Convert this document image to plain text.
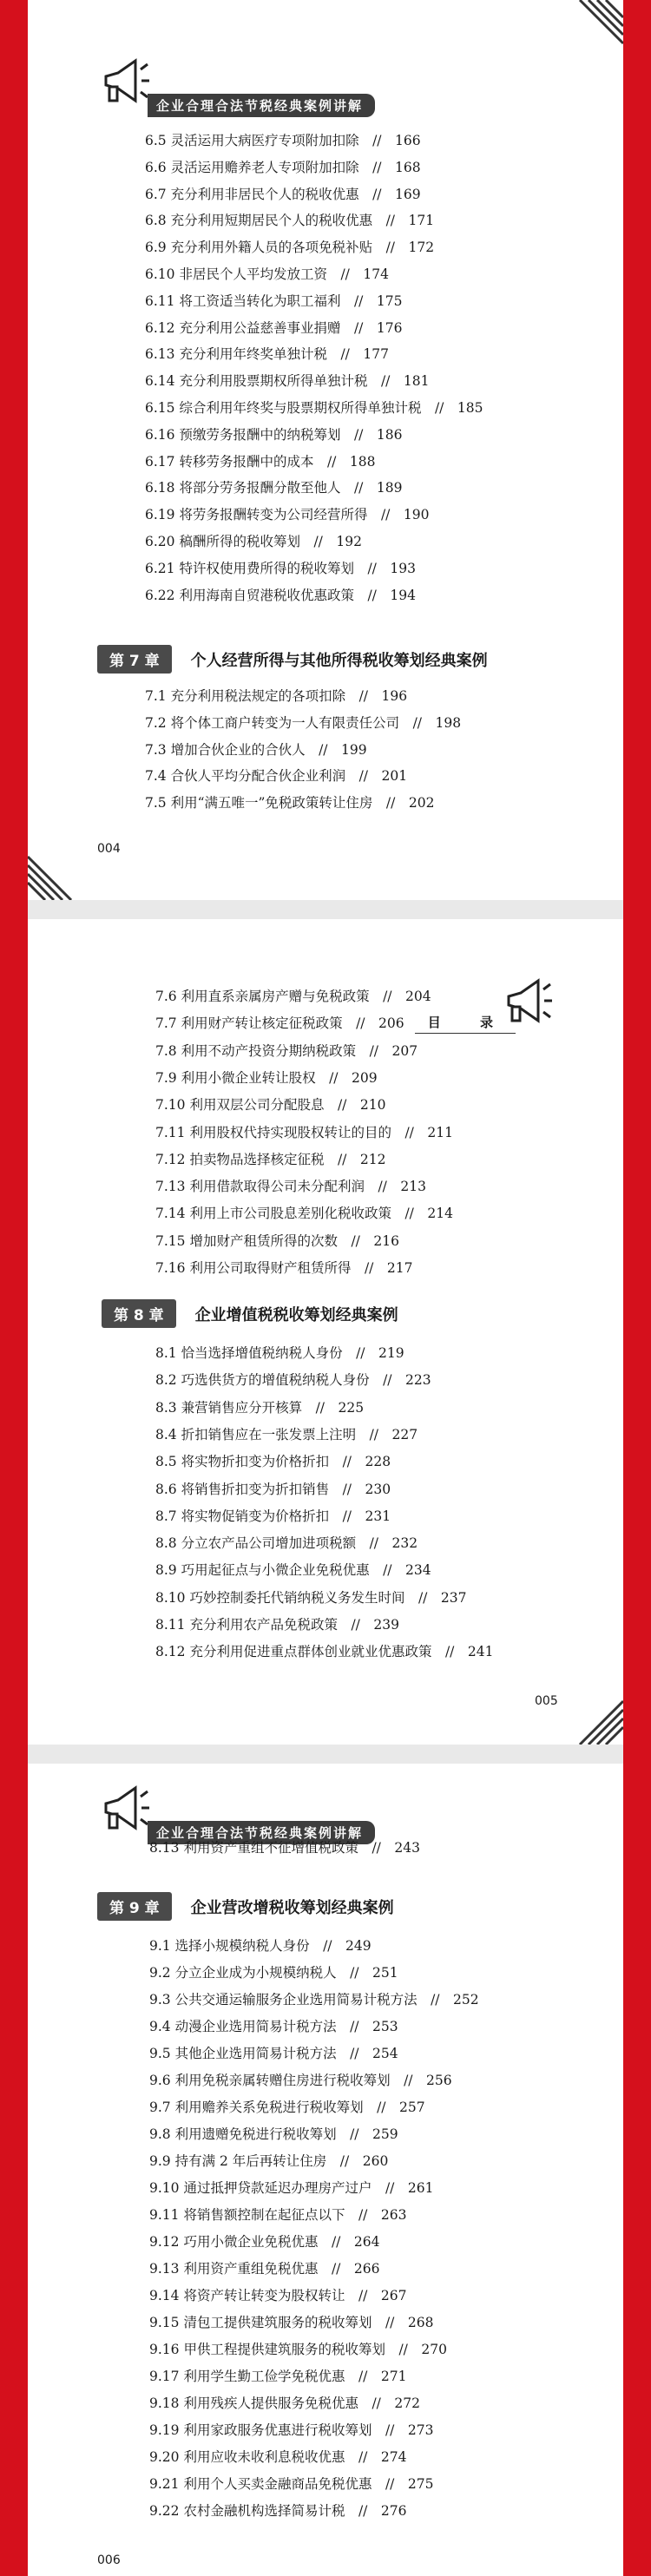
企业合理合法节税经典案例讲解
004
6.5 灵活运用大病医疗专项附加扣除　//　166
6.6 灵活运用赡养老人专项附加扣除　//　168
6.7 充分利用非居民个人的税收优惠　//　169
6.8 充分利用短期居民个人的税收优惠　//　171
6.9 充分利用外籍人员的各项免税补贴　//　172
6.10 非居民个人平均发放工资　//　174
6.11 将工资适当转化为职工福利　//　175
6.12 充分利用公益慈善事业捐赠　//　176
6.13 充分利用年终奖单独计税　//　177
6.14 充分利用股票期权所得单独计税　//　181
6.15 综合利用年终奖与股票期权所得单独计税　//　185
6.16 预缴劳务报酬中的纳税筹划　//　186
6.17 转移劳务报酬中的成本　//　188
6.18 将部分劳务报酬分散至他人　//　189
6.19 将劳务报酬转变为公司经营所得　//　190
6.20 稿酬所得的税收筹划　//　192
6.21 特许权使用费所得的税收筹划　//　193
6.22 利用海南自贸港税收优惠政策　//　194
第 7 章 个人经营所得与其他所得税收筹划经典案例
7.1 充分利用税法规定的各项扣除　//　196
7.2 将个体工商户转变为一人有限责任公司　//　198
7.3 增加合伙企业的合伙人　//　199
7.4 合伙人平均分配合伙企业利润　//　201
7.5 利用“满五唯一”免税政策转让住房　//　202
目 录
005
7.6 利用直系亲属房产赠与免税政策　//　204
7.7 利用财产转让核定征税政策　//　206
7.8 利用不动产投资分期纳税政策　//　207
7.9 利用小微企业转让股权　//　209
7.10 利用双层公司分配股息　//　210
7.11 利用股权代持实现股权转让的目的　//　211
7.12 拍卖物品选择核定征税　//　212
7.13 利用借款取得公司未分配利润　//　213
7.14 利用上市公司股息差别化税收政策　//　214
7.15 增加财产租赁所得的次数　//　216
7.16 利用公司取得财产租赁所得　//　217
第 8 章 企业增值税税收筹划经典案例
8.1 恰当选择增值税纳税人身份　//　219
8.2 巧选供货方的增值税纳税人身份　//　223
8.3 兼营销售应分开核算　//　225
8.4 折扣销售应在一张发票上注明　//　227
8.5 将实物折扣变为价格折扣　//　228
8.6 将销售折扣变为折扣销售　//　230
8.7 将实物促销变为价格折扣　//　231
8.8 分立农产品公司增加进项税额　//　232
8.9 巧用起征点与小微企业免税优惠　//　234
8.10 巧妙控制委托代销纳税义务发生时间　//　237
8.11 充分利用农产品免税政策　//　239
8.12 充分利用促进重点群体创业就业优惠政策　//　241
企业合理合法节税经典案例讲解
006
8.13 利用资产重组不征增值税政策　//　243
第 9 章 企业营改增税收筹划经典案例
9.1 选择小规模纳税人身份　//　249
9.2 分立企业成为小规模纳税人　//　251
9.3 公共交通运输服务企业选用简易计税方法　//　252
9.4 动漫企业选用简易计税方法　//　253
9.5 其他企业选用简易计税方法　//　254
9.6 利用免税亲属转赠住房进行税收筹划　//　256
9.7 利用赡养关系免税进行税收筹划　//　257
9.8 利用遗赠免税进行税收筹划　//　259
9.9 持有满 2 年后再转让住房　//　260
9.10 通过抵押贷款延迟办理房产过户　//　261
9.11 将销售额控制在起征点以下　//　263
9.12 巧用小微企业免税优惠　//　264
9.13 利用资产重组免税优惠　//　266
9.14 将资产转让转变为股权转让　//　267
9.15 清包工提供建筑服务的税收筹划　//　268
9.16 甲供工程提供建筑服务的税收筹划　//　270
9.17 利用学生勤工俭学免税优惠　//　271
9.18 利用残疾人提供服务免税优惠　//　272
9.19 利用家政服务优惠进行税收筹划　//　273
9.20 利用应收未收利息税收优惠　//　274
9.21 利用个人买卖金融商品免税优惠　//　275
9.22 农村金融机构选择简易计税　//　276
